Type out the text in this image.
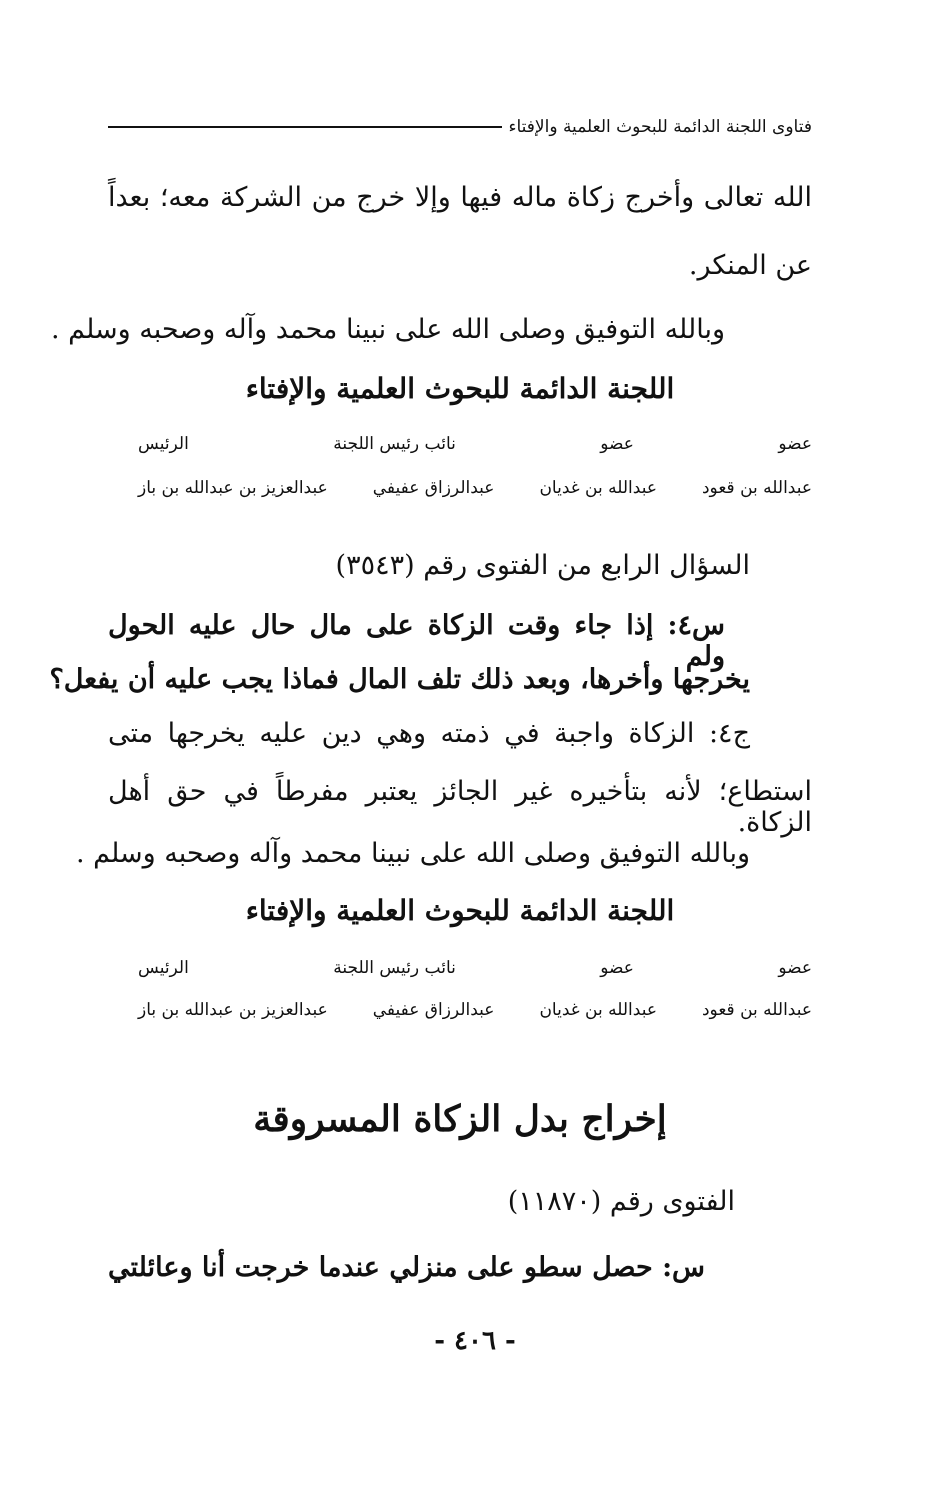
فتاوى اللجنة الدائمة للبحوث العلمية والإفتاء
الله تعالى وأخرج زكاة ماله فيها وإلا خرج من الشركة معه؛ بعداً
عن المنكر.
وبالله التوفيق وصلى الله على نبينا محمد وآله وصحبه وسلم .
اللجنة الدائمة للبحوث العلمية والإفتاء
عضو
عضو
نائب رئيس اللجنة
الرئيس
عبدالله بن قعود
عبدالله بن غديان
عبدالرزاق عفيفي
عبدالعزيز بن عبدالله بن باز
السؤال الرابع من الفتوى رقم (٣٥٤٣)
س٤: إذا جاء وقت الزكاة على مال حال عليه الحول ولم
يخرجها وأخرها، وبعد ذلك تلف المال فماذا يجب عليه أن يفعل؟
ج٤: الزكاة واجبة في ذمته وهي دين عليه يخرجها متى
استطاع؛ لأنه بتأخيره غير الجائز يعتبر مفرطاً في حق أهل الزكاة.
وبالله التوفيق وصلى الله على نبينا محمد وآله وصحبه وسلم .
اللجنة الدائمة للبحوث العلمية والإفتاء
عضو
عضو
نائب رئيس اللجنة
الرئيس
عبدالله بن قعود
عبدالله بن غديان
عبدالرزاق عفيفي
عبدالعزيز بن عبدالله بن باز
إخراج بدل الزكاة المسروقة
الفتوى رقم (١١٨٧٠)
س: حصل سطو على منزلي عندما خرجت أنا وعائلتي
- ٤٠٦ -
